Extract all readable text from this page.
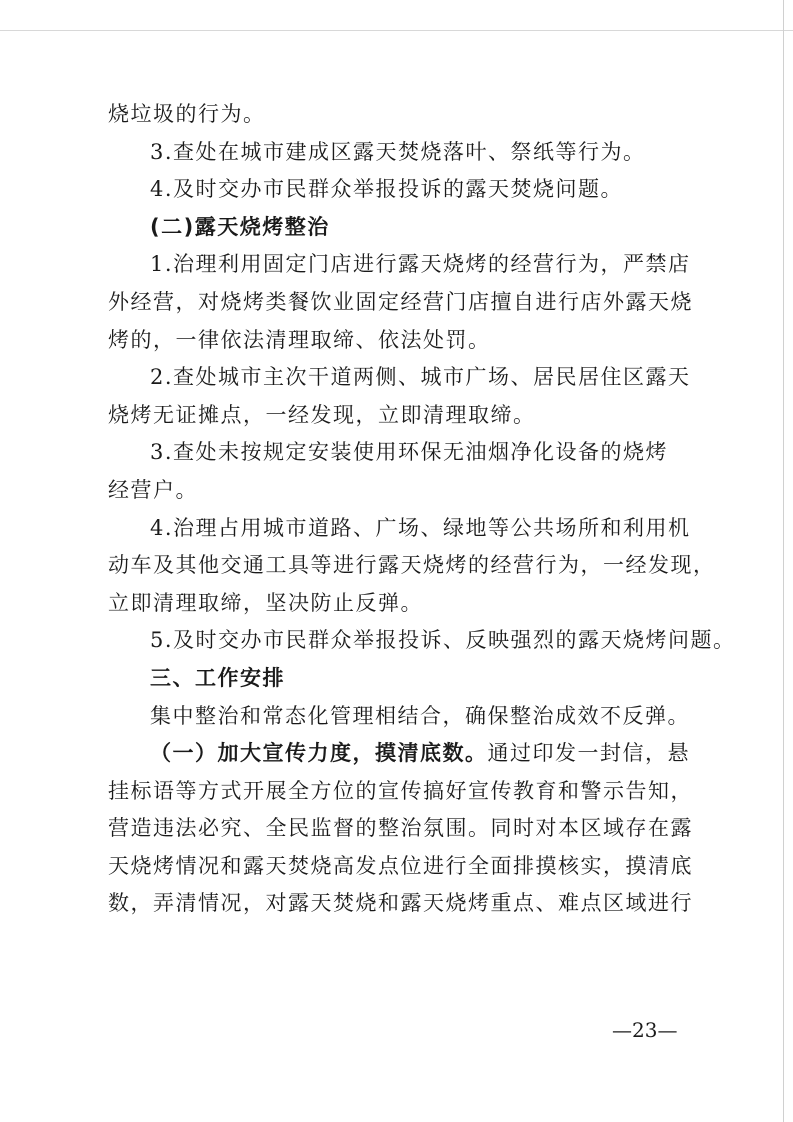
烧垃圾的行为。
3.查处在城市建成区露天焚烧落叶、祭纸等行为。
4.及时交办市民群众举报投诉的露天焚烧问题。
(二)露天烧烤整治
1.治理利用固定门店进行露天烧烤的经营行为，严禁店
外经营，对烧烤类餐饮业固定经营门店擅自进行店外露天烧
烤的，一律依法清理取缔、依法处罚。
2.查处城市主次干道两侧、城市广场、居民居住区露天
烧烤无证摊点，一经发现，立即清理取缔。
3.查处未按规定安装使用环保无油烟净化设备的烧烤
经营户。
4.治理占用城市道路、广场、绿地等公共场所和利用机
动车及其他交通工具等进行露天烧烤的经营行为，一经发现，
立即清理取缔，坚决防止反弹。
5.及时交办市民群众举报投诉、反映强烈的露天烧烤问题。
三、工作安排
集中整治和常态化管理相结合，确保整治成效不反弹。
（一）加大宣传力度，摸清底数。通过印发一封信，悬
挂标语等方式开展全方位的宣传搞好宣传教育和警示告知，
营造违法必究、全民监督的整治氛围。同时对本区域存在露
天烧烤情况和露天焚烧高发点位进行全面排摸核实，摸清底
数，弄清情况，对露天焚烧和露天烧烤重点、难点区域进行
—23—
